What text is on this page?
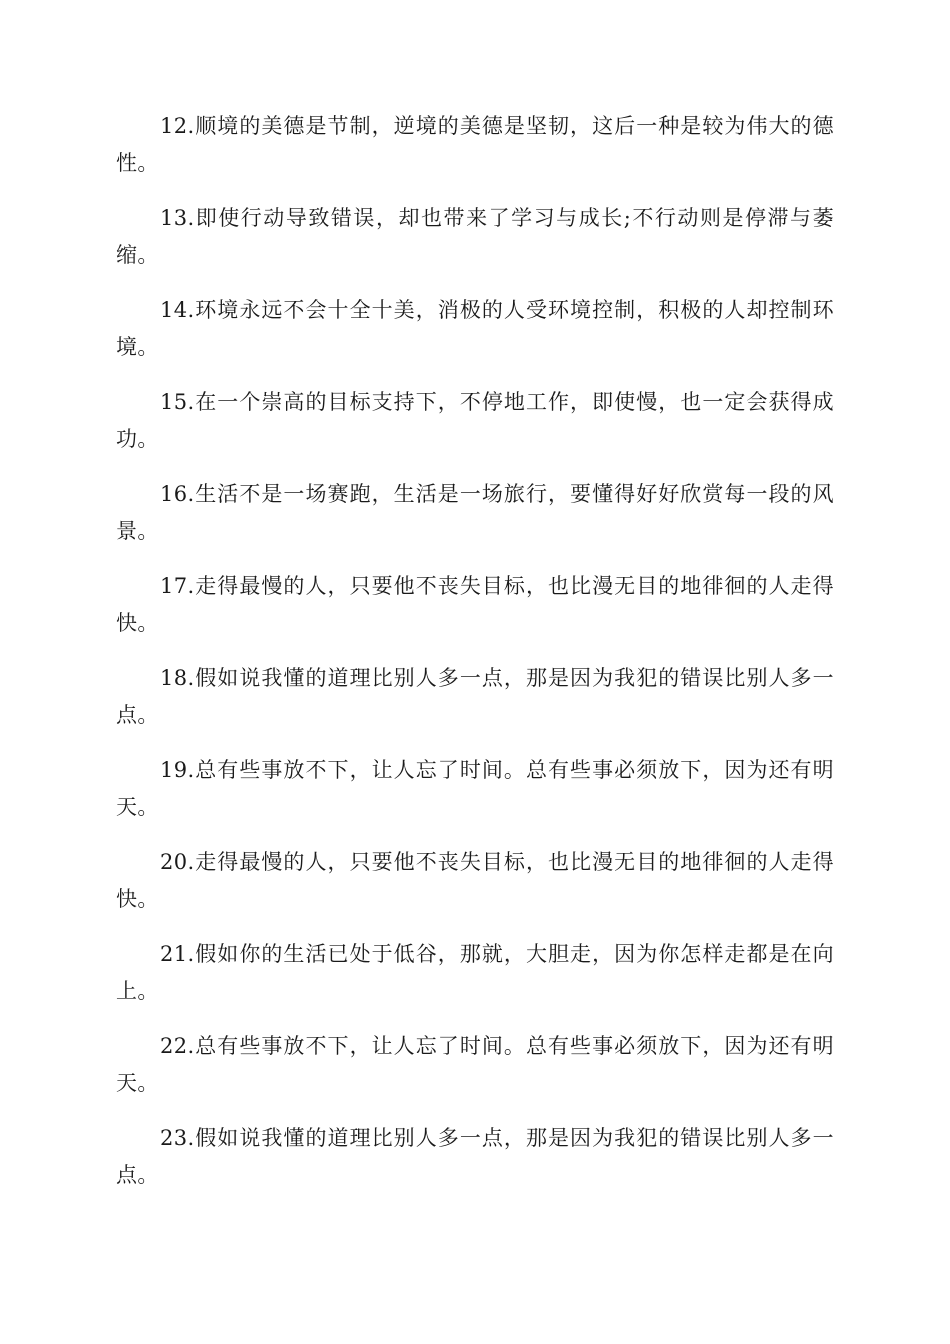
12.顺境的美德是节制，逆境的美德是坚韧，这后一种是较为伟大的德性。

13.即使行动导致错误，却也带来了学习与成长;不行动则是停滞与萎缩。

14.环境永远不会十全十美，消极的人受环境控制，积极的人却控制环境。

15.在一个崇高的目标支持下，不停地工作，即使慢，也一定会获得成功。

16.生活不是一场赛跑，生活是一场旅行，要懂得好好欣赏每一段的风景。

17.走得最慢的人，只要他不丧失目标，也比漫无目的地徘徊的人走得快。

18.假如说我懂的道理比别人多一点，那是因为我犯的错误比别人多一点。

19.总有些事放不下，让人忘了时间。总有些事必须放下，因为还有明天。

20.走得最慢的人，只要他不丧失目标，也比漫无目的地徘徊的人走得快。

21.假如你的生活已处于低谷，那就，大胆走，因为你怎样走都是在向上。

22.总有些事放不下，让人忘了时间。总有些事必须放下，因为还有明天。

23.假如说我懂的道理比别人多一点，那是因为我犯的错误比别人多一点。
